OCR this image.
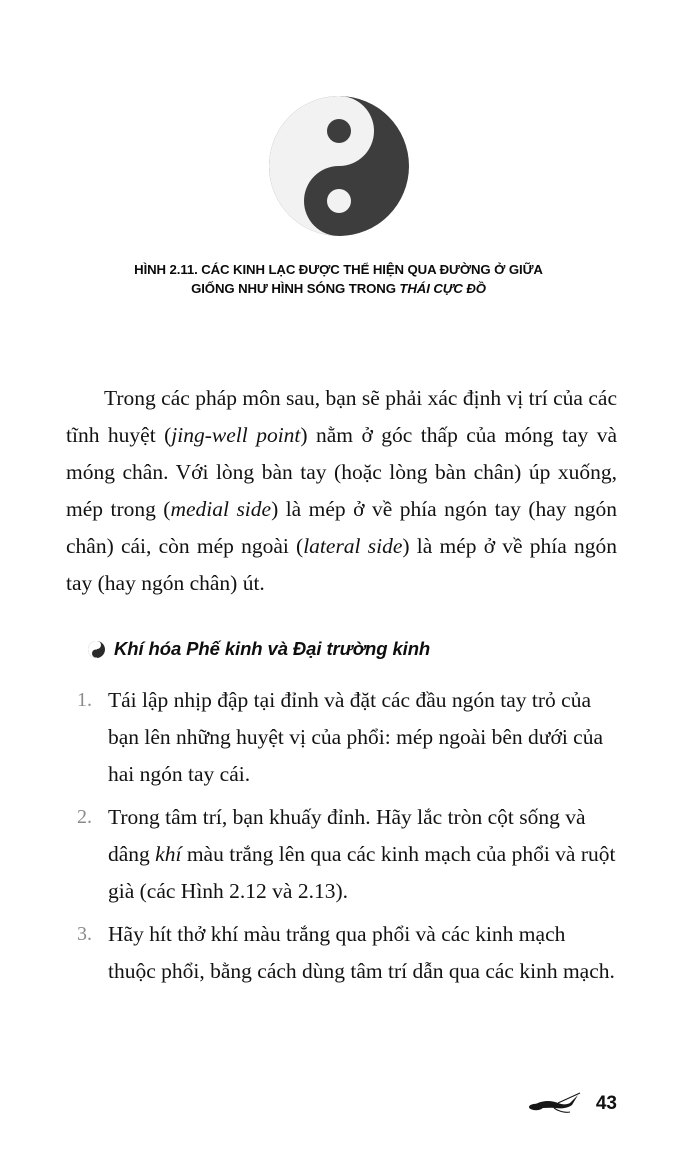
HÌNH 2.11. CÁC KINH LẠC ĐƯỢC THỂ HIỆN QUA ĐƯỜNG Ở GIỮA
GIỐNG NHƯ HÌNH SÓNG TRONG THÁI CỰC ĐỒ

Trong các pháp môn sau, bạn sẽ phải xác định vị trí của các tĩnh huyệt (jing-well point) nằm ở góc thấp của móng tay và móng chân. Với lòng bàn tay (hoặc lòng bàn chân) úp xuống, mép trong (medial side) là mép ở về phía ngón tay (hay ngón chân) cái, còn mép ngoài (lateral side) là mép ở về phía ngón tay (hay ngón chân) út.

Khí hóa Phế kinh và Đại trường kinh
1. Tái lập nhịp đập tại đỉnh và đặt các đầu ngón tay trỏ của bạn lên những huyệt vị của phổi: mép ngoài bên dưới của hai ngón tay cái.
2. Trong tâm trí, bạn khuấy đỉnh. Hãy lắc tròn cột sống và dâng khí màu trắng lên qua các kinh mạch của phổi và ruột già (các Hình 2.12 và 2.13).
3. Hãy hít thở khí màu trắng qua phổi và các kinh mạch thuộc phổi, bằng cách dùng tâm trí dẫn qua các kinh mạch.
43
